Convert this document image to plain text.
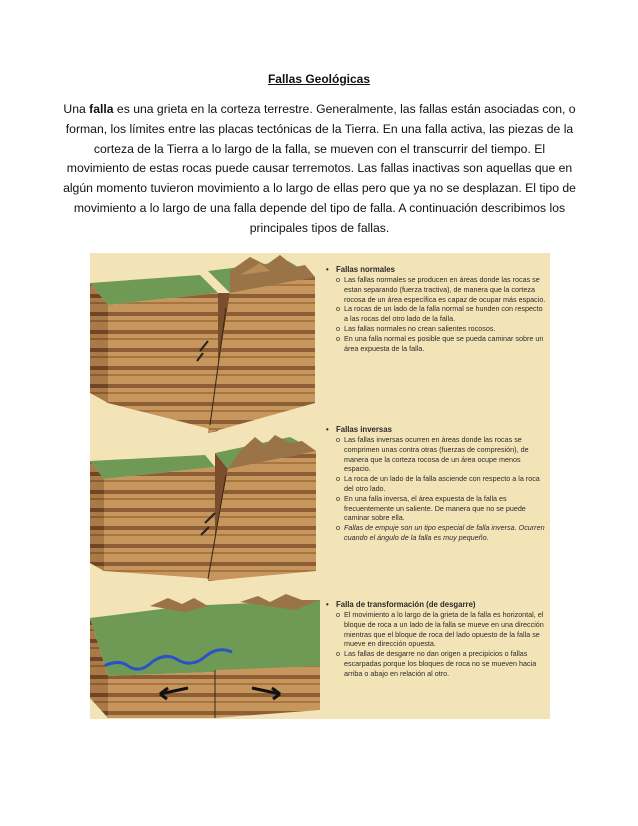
Fallas Geológicas
Una falla es una grieta en la corteza terrestre. Generalmente, las fallas están asociadas con, o forman, los límites entre las placas tectónicas de la Tierra. En una falla activa, las piezas de la corteza de la Tierra a lo largo de la falla, se mueven con el transcurrir del tiempo. El movimiento de estas rocas puede causar terremotos. Las fallas inactivas son aquellas que en algún momento tuvieron movimiento a lo largo de ellas pero que ya no se desplazan. El tipo de movimiento a lo largo de una falla depende del tipo de falla. A continuación describimos los principales tipos de fallas.
• Fallas normales
o Las fallas normales se producen en áreas donde las rocas se estan separando (fuerza tractiva), de manera que la corteza rocosa de un área específica es capaz de ocupar más espacio.
o La rocas de un lado de la falla normal se hunden con respecto a las rocas del otro lado de la falla.
o Las fallas normales no crean salientes rocosos.
o En una falla normal es posible que se pueda caminar sobre un área expuesta de la falla.
• Fallas inversas
o Las fallas inversas ocurren en áreas donde las rocas se comprimen unas contra otras (fuerzas de compresión), de manera que la corteza rocosa de un área ocupe menos espacio.
o La roca de un lado de la falla asciende con respecto a la roca del otro lado.
o En una falla inversa, el área expuesta de la falla es frecuentemente un saliente. De manera que no se puede caminar sobre ella.
o Fallas de empuje son un tipo especial de falla inversa. Ocurren cuando el ángulo de la falla es muy pequeño.
• Falla de transformación (de desgarre)
o El movimiento a lo largo de la grieta de la falla es horizontal, el bloque de roca a un lado de la falla se mueve en una dirección mientras que el bloque de roca del lado opuesto de la falla se mueve en dirección opuesta.
o Las fallas de desgarre no dan origen a precipicios o fallas escarpadas porque los bloques de roca no se mueven hacia arriba o abajo en relación al otro.
